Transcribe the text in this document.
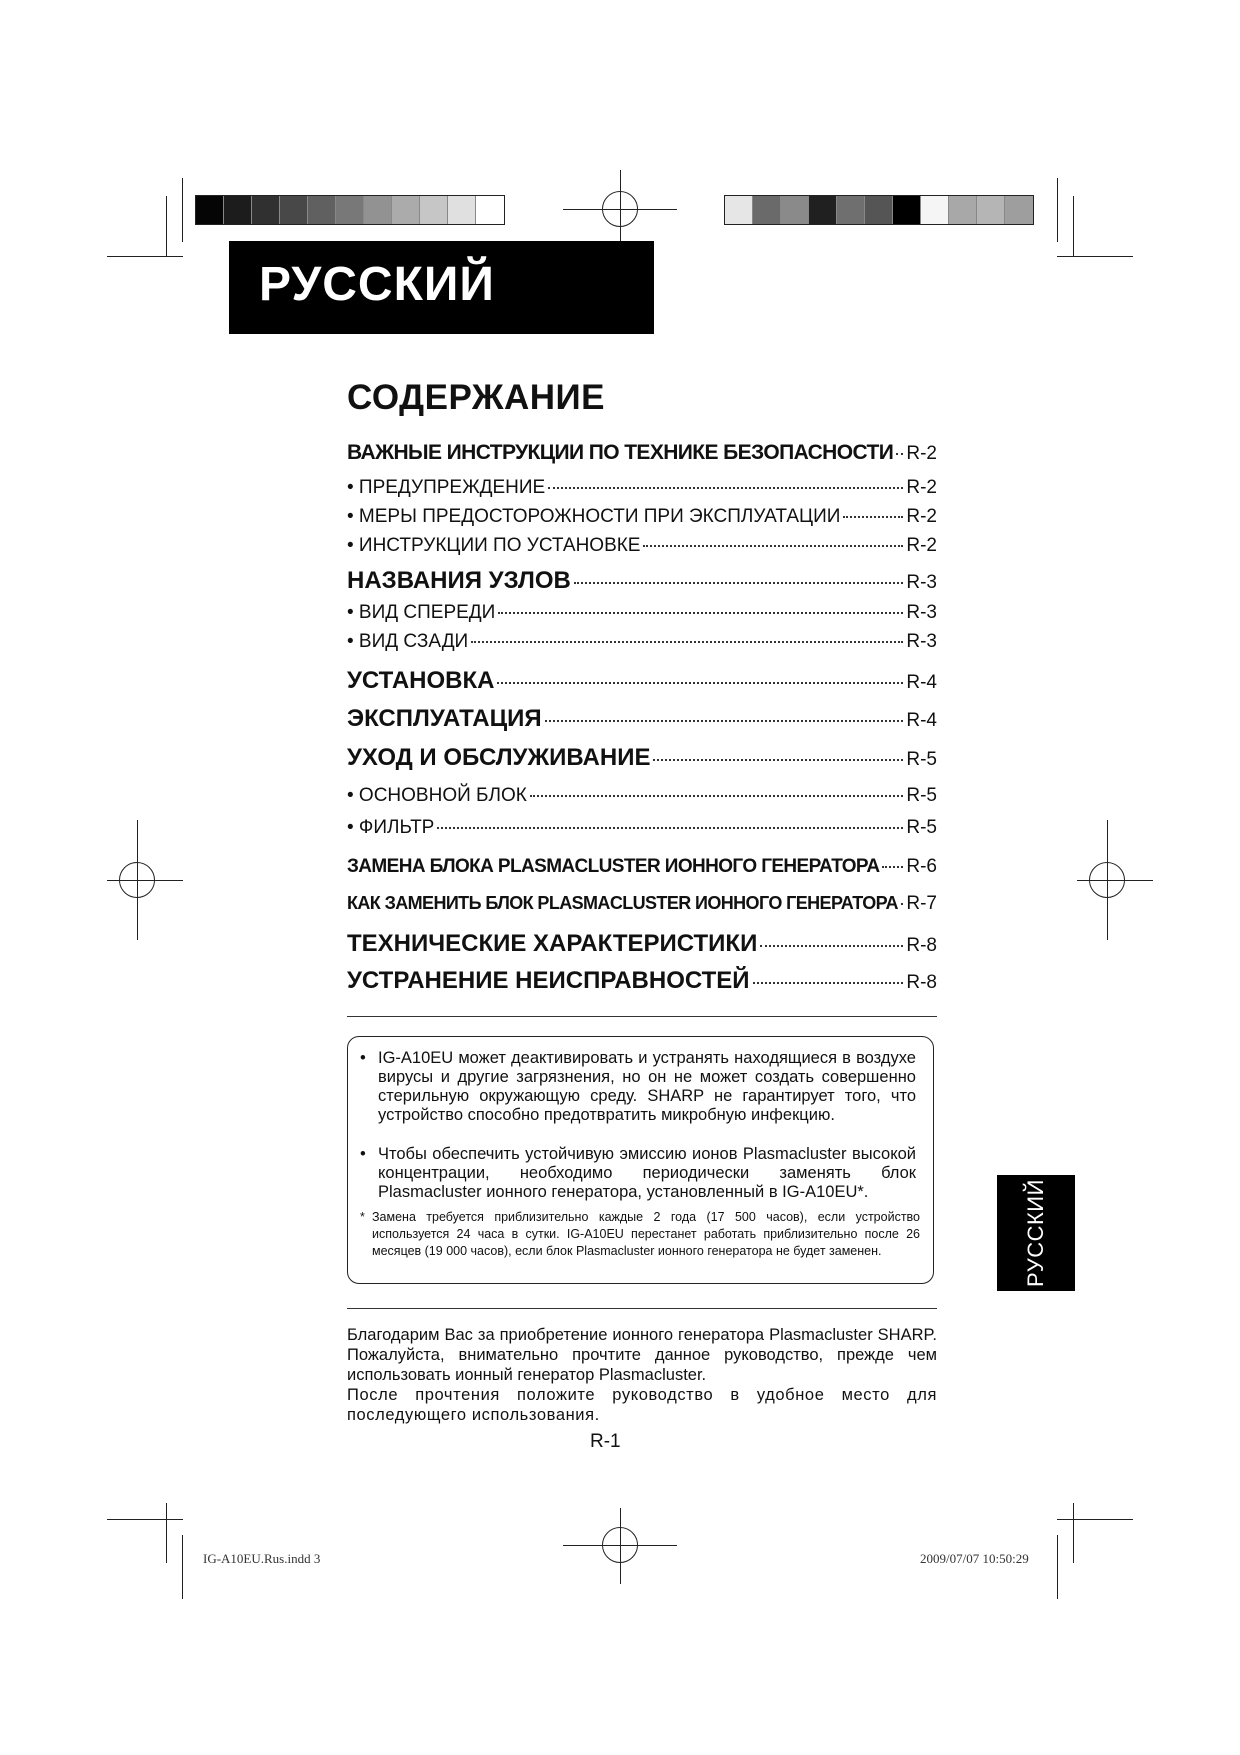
РУССКИЙ
СОДЕРЖАНИЕ
ВАЖНЫЕ ИНСТРУКЦИИ ПО ТЕХНИКЕ БЕЗОПАСНОСТИ R-2
• ПРЕДУПРЕЖДЕНИЕ	R-2
• МЕРЫ ПРЕДОСТОРОЖНОСТИ ПРИ ЭКСПЛУАТАЦИИ	R-2
• ИНСТРУКЦИИ ПО УСТАНОВКЕ	R-2
НАЗВАНИЯ УЗЛОВ	R-3
• ВИД СПЕРЕДИ	R-3
• ВИД СЗАДИ	R-3
УСТАНОВКА	R-4
ЭКСПЛУАТАЦИЯ	R-4
УХОД И ОБСЛУЖИВАНИЕ	R-5
• ОСНОВНОЙ БЛОК	R-5
• ФИЛЬТР	R-5
ЗАМЕНА БЛОКА PLASMACLUSTER ИОННОГО ГЕНЕРАТОРА R-6
КАК ЗАМЕНИТЬ БЛОК PLASMACLUSTER ИОННОГО ГЕНЕРАТОРА R-7
ТЕХНИЧЕСКИЕ ХАРАКТЕРИСТИКИ	R-8
УСТРАНЕНИЕ НЕИСПРАВНОСТЕЙ	R-8
• IG-A10EU может деактивировать и устранять находящиеся в воздухе вирусы и другие загрязнения, но он не может создать совершенно стерильную окружающую среду. SHARP не гарантирует того, что устройство способно предотвратить микробную инфекцию.
• Чтобы обеспечить устойчивую эмиссию ионов Plasmacluster высокой концентрации, необходимо периодически заменять блок Plasmacluster ионного генератора, установленный в IG-A10EU*.
* Замена требуется приблизительно каждые 2 года (17 500 часов), если устройство используется 24 часа в сутки. IG-A10EU перестанет работать приблизительно после 26 месяцев (19 000 часов), если блок Plasmacluster ионного генератора не будет заменен.

Благодарим Вас за приобретение ионного генератора Plasmacluster SHARP. Пожалуйста, внимательно прочтите данное руководство, прежде чем использовать ионный генератор Plasmacluster.

После прочтения положите руководство в удобное место для последующего использования.

R-1
РУССКИЙ
IG-A10EU.Rus.indd 3	2009/07/07 10:50:29
